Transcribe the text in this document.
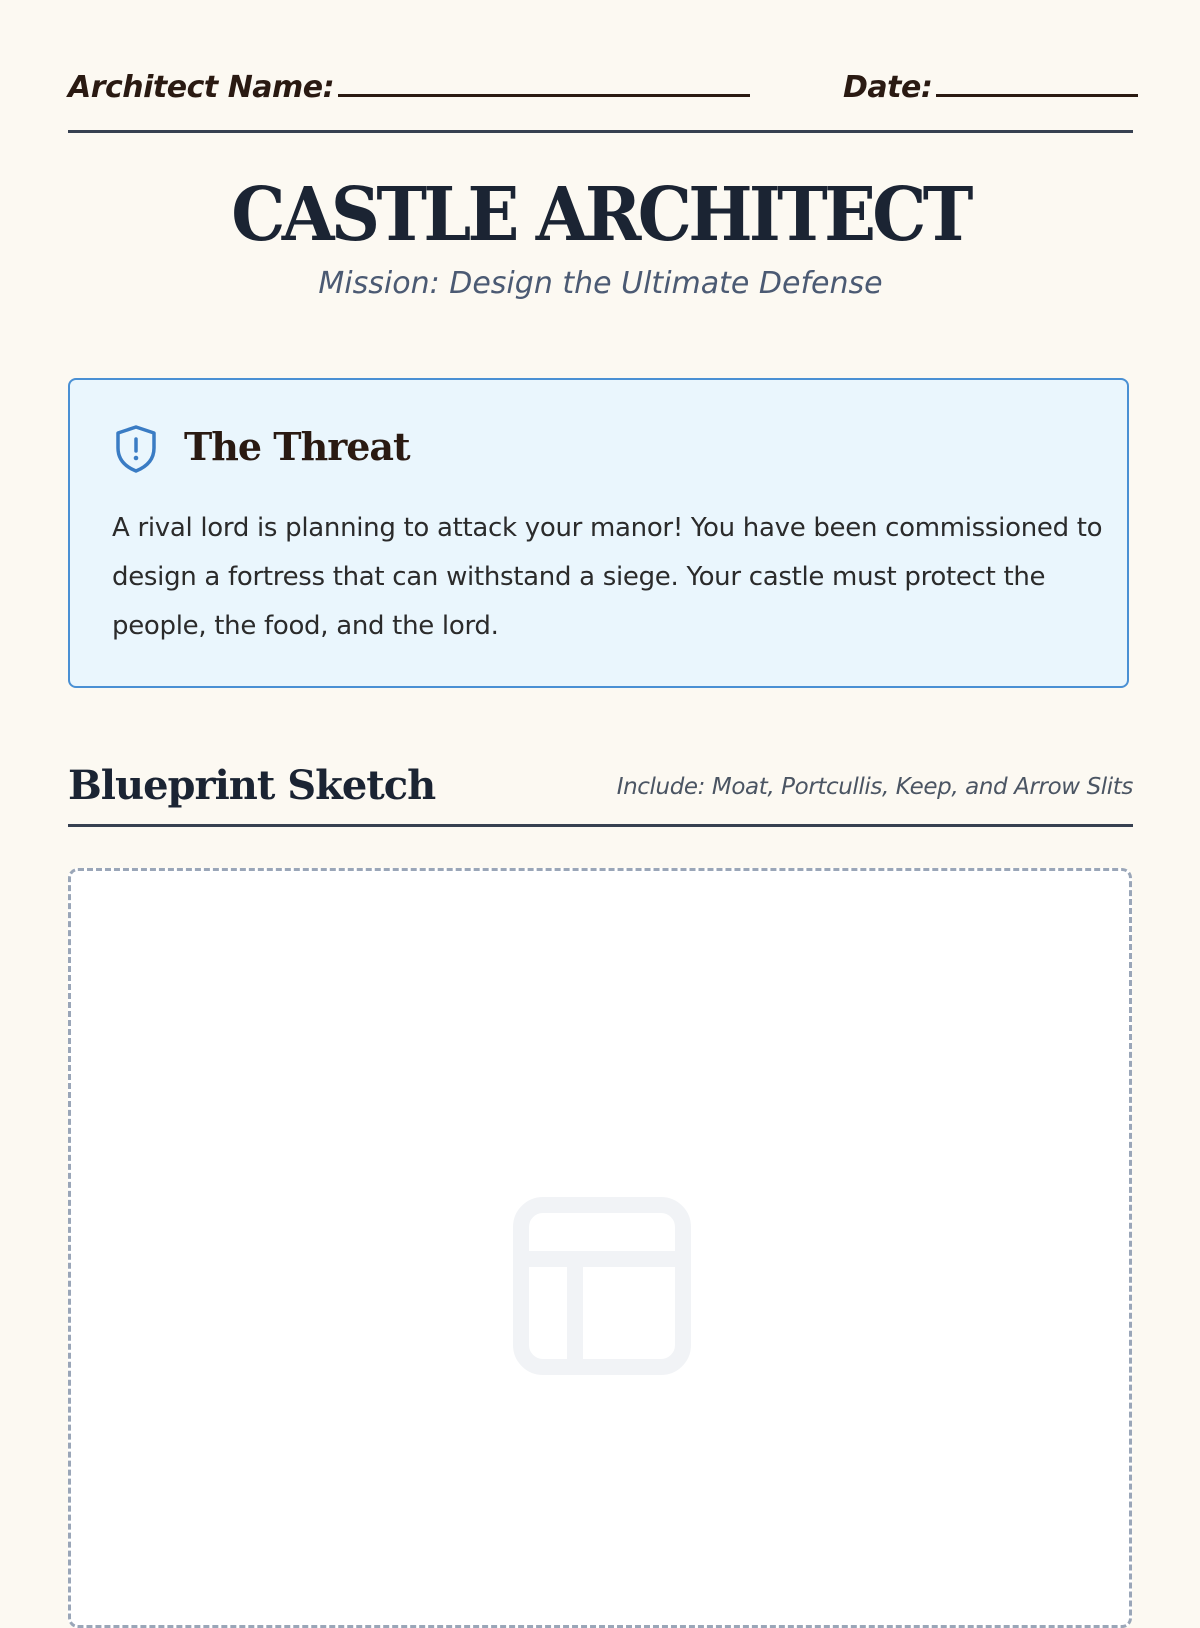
Architect Name:	Date:
CASTLE ARCHITECT
Mission: Design the Ultimate Defense
The Threat
A rival lord is planning to attack your manor! You have been commissioned to design a fortress that can withstand a siege. Your castle must protect the people, the food, and the lord.
Blueprint Sketch	Include: Moat, Portcullis, Keep, and Arrow Slits
